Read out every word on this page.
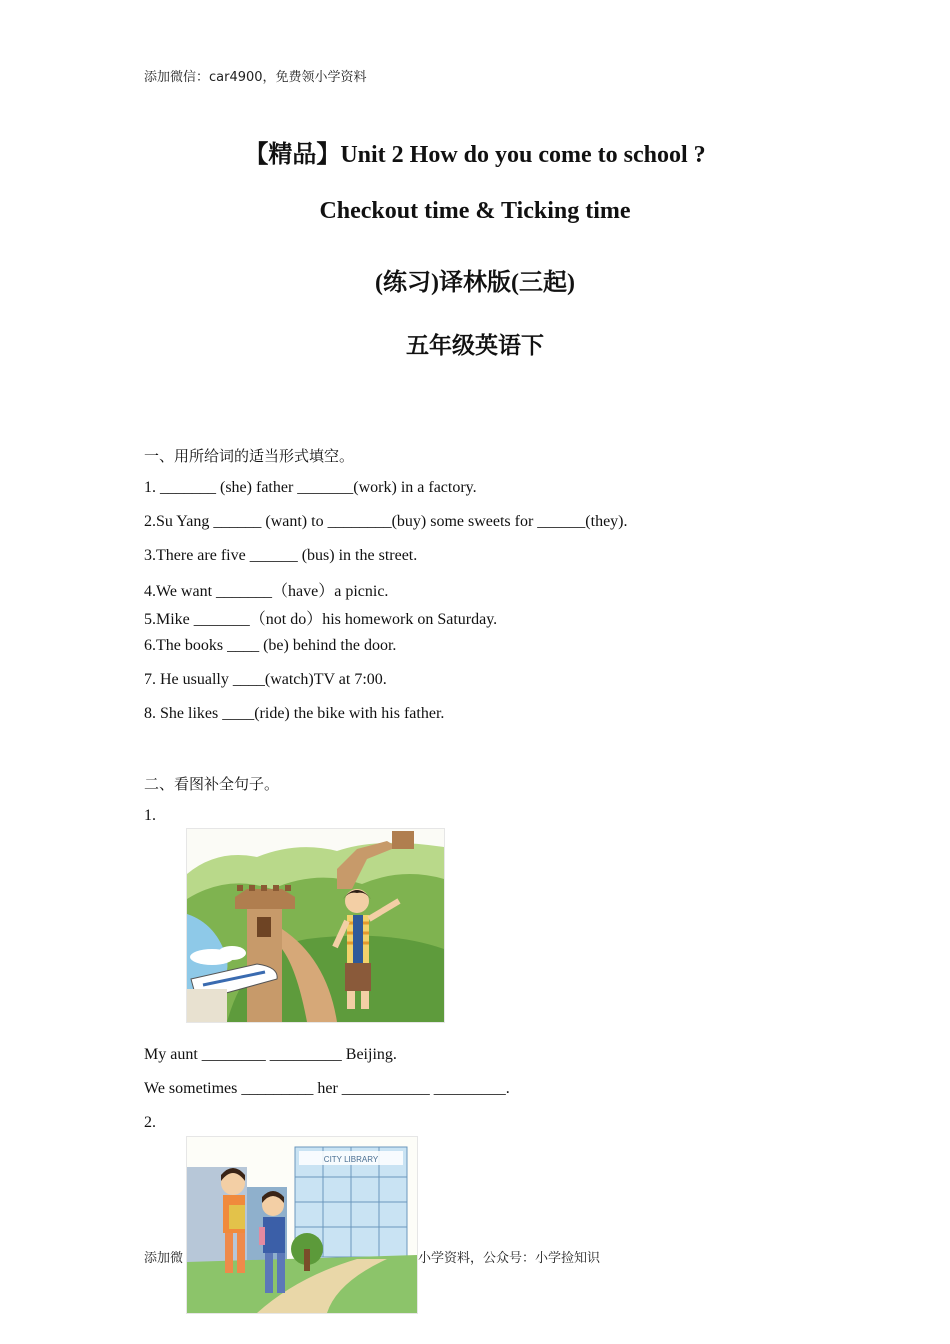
添加微信：car4900，免费领小学资料
【精品】Unit 2 How do you come to school ?
Checkout time & Ticking time
(练习)译林版(三起)
五年级英语下
一、用所给词的适当形式填空。
1. _______ (she) father _______(work) in a factory.
2.Su Yang ______ (want) to ________(buy) some sweets for ______(they).
3.There are five ______ (bus) in the street.
4.We want _______（have）a picnic.
5.Mike _______（not do）his homework on Saturday.
6.The books ____ (be) behind the door.
7. He usually ____(watch)TV at 7:00.
8. She likes ____(ride) the bike with his father.
二、看图补全句子。
1.
My aunt ________ _________ Beijing.
We sometimes _________ her ___________ _________.
2.
CITY LIBRARY
添加微	小学资料，公众号：小学捡知识
